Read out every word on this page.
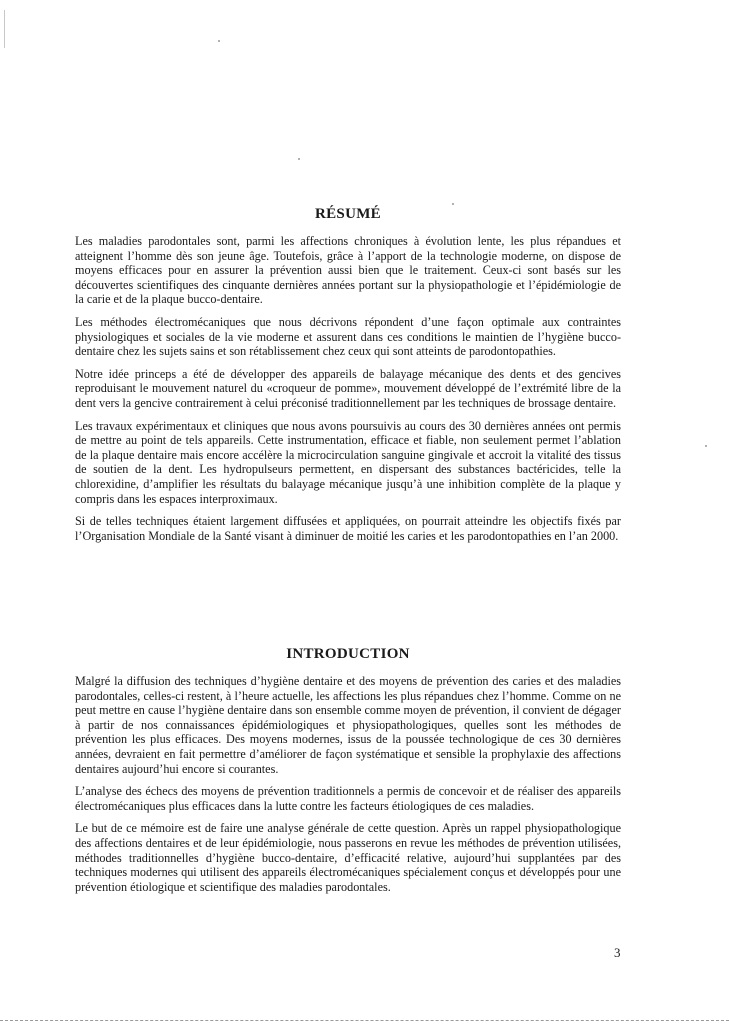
RÉSUMÉ

Les maladies parodontales sont, parmi les affections chroniques à évolution lente, les plus répandues et atteignent l’homme dès son jeune âge. Toutefois, grâce à l’apport de la technologie moderne, on dispose de moyens efficaces pour en assurer la prévention aussi bien que le traitement. Ceux-ci sont basés sur les découvertes scientifiques des cinquante dernières années portant sur la physiopathologie et l’épidémiologie de la carie et de la plaque bucco-dentaire.

Les méthodes électromécaniques que nous décrivons répondent d’une façon optimale aux contraintes physiologiques et sociales de la vie moderne et assurent dans ces conditions le maintien de l’hygiène bucco-dentaire chez les sujets sains et son rétablissement chez ceux qui sont atteints de parodontopathies.

Notre idée princeps a été de développer des appareils de balayage mécanique des dents et des gencives reproduisant le mouvement naturel du «croqueur de pomme», mouvement développé de l’extrémité libre de la dent vers la gencive contrairement à celui préconisé traditionnellement par les techniques de brossage dentaire.

Les travaux expérimentaux et cliniques que nous avons poursuivis au cours des 30 dernières années ont permis de mettre au point de tels appareils. Cette instrumentation, efficace et fiable, non seulement permet l’ablation de la plaque dentaire mais encore accélère la microcirculation sanguine gingivale et accroit la vitalité des tissus de soutien de la dent. Les hydropulseurs permettent, en dispersant des substances bactéricides, telle la chlorexidine, d’amplifier les résultats du balayage mécanique jusqu’à une inhibition complète de la plaque y compris dans les espaces interproximaux.

Si de telles techniques étaient largement diffusées et appliquées, on pourrait atteindre les objectifs fixés par l’Organisation Mondiale de la Santé visant à diminuer de moitié les caries et les parodontopathies en l’an 2000.

INTRODUCTION

Malgré la diffusion des techniques d’hygiène dentaire et des moyens de prévention des caries et des maladies parodontales, celles-ci restent, à l’heure actuelle, les affections les plus répandues chez l’homme. Comme on ne peut mettre en cause l’hygiène dentaire dans son ensemble comme moyen de prévention, il convient de dégager à partir de nos connaissances épidémiologiques et physiopathologiques, quelles sont les méthodes de prévention les plus efficaces. Des moyens modernes, issus de la poussée technologique de ces 30 dernières années, devraient en fait permettre d’améliorer de façon systématique et sensible la prophylaxie des affections dentaires aujourd’hui encore si courantes.

L’analyse des échecs des moyens de prévention traditionnels a permis de concevoir et de réaliser des appareils électromécaniques plus efficaces dans la lutte contre les facteurs étiologiques de ces maladies.

Le but de ce mémoire est de faire une analyse générale de cette question. Après un rappel physiopathologique des affections dentaires et de leur épidémiologie, nous passerons en revue les méthodes de prévention utilisées, méthodes traditionnelles d’hygiène bucco-dentaire, d’efficacité relative, aujourd’hui supplantées par des techniques modernes qui utilisent des appareils électromécaniques spécialement conçus et développés pour une prévention étiologique et scientifique des maladies parodontales.

3
